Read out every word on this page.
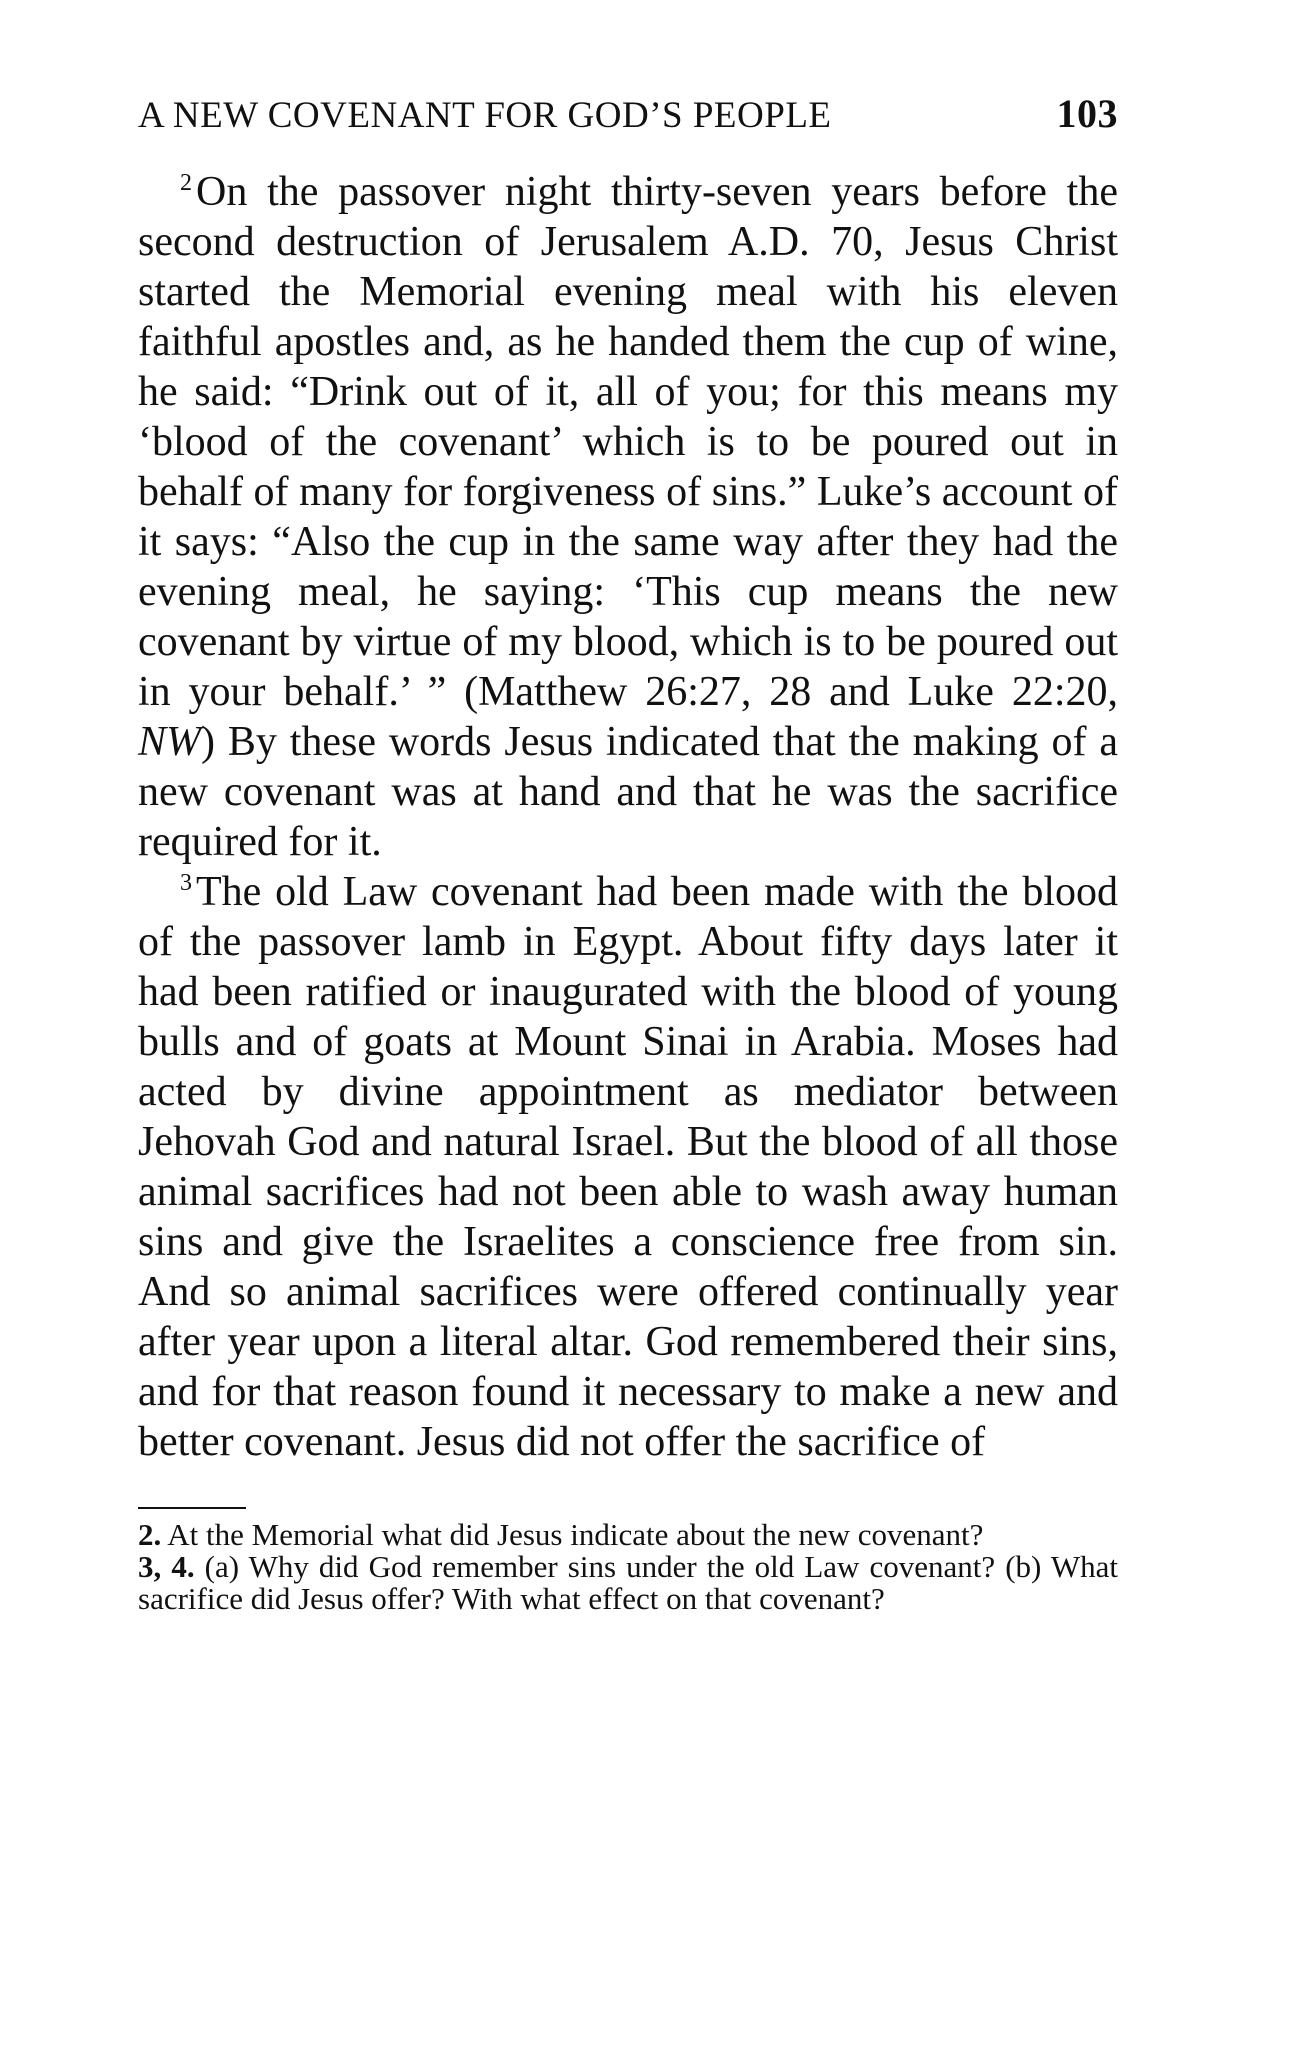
A NEW COVENANT FOR GOD’S PEOPLE	103

$^2$On the passover night thirty-seven years before the second destruction of Jerusalem A.D. 70, Jesus Christ started the Memorial evening meal with his eleven faithful apostles and, as he handed them the cup of wine, he said: “Drink out of it, all of you; for this means my ‘blood of the covenant’ which is to be poured out in behalf of many for forgiveness of sins.” Luke’s account of it says: “Also the cup in the same way after they had the evening meal, he saying: ‘This cup means the new covenant by virtue of my blood, which is to be poured out in your behalf.’ ” (Matthew 26:27, 28 and Luke 22:20, NW) By these words Jesus indicated that the making of a new covenant was at hand and that he was the sacrifice required for it.

$^3$The old Law covenant had been made with the blood of the passover lamb in Egypt. About fifty days later it had been ratified or inaugurated with the blood of young bulls and of goats at Mount Sinai in Arabia. Moses had acted by divine appointment as mediator between Jehovah God and natural Israel. But the blood of all those animal sacrifices had not been able to wash away human sins and give the Israelites a conscience free from sin. And so animal sacrifices were offered continually year after year upon a literal altar. God remembered their sins, and for that reason found it necessary to make a new and better covenant. Jesus did not offer the sacrifice of

2. At the Memorial what did Jesus indicate about the new covenant?

3, 4. (a) Why did God remember sins under the old Law covenant? (b) What sacrifice did Jesus offer? With what effect on that covenant?
